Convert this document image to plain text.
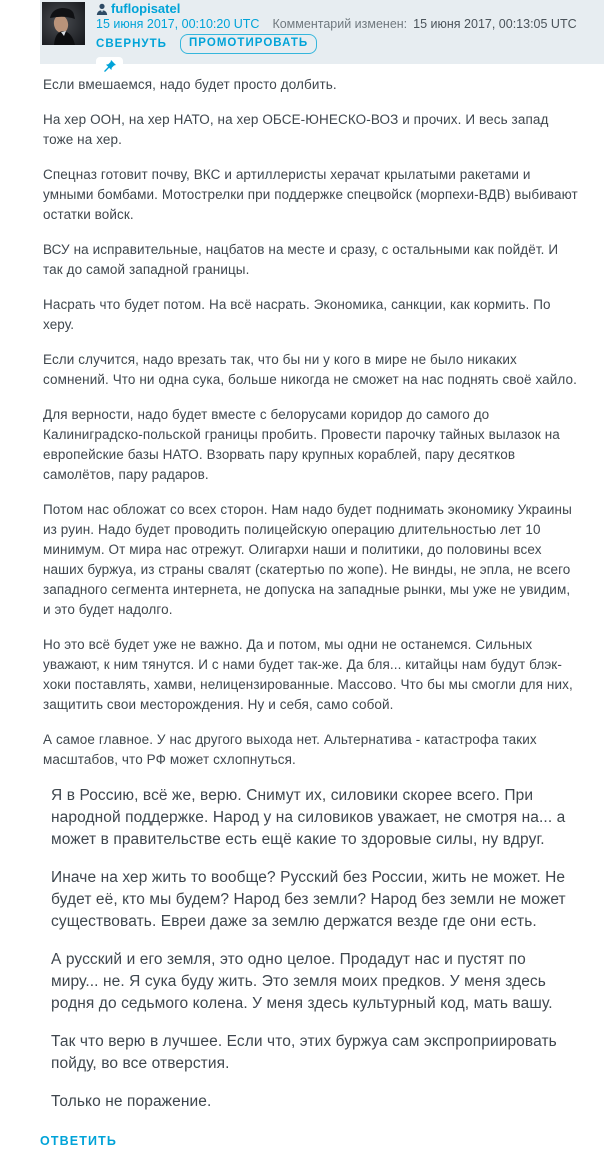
fuflopisatel
15 июня 2017, 00:10:20 UTC Комментарий изменен: 15 июня 2017, 00:13:05 UTC
СВЕРНУТЬ	ПРОМОТИРОВАТЬ

Если вмешаемся, надо будет просто долбить.

На хер ООН, на хер НАТО, на хер ОБСЕ-ЮНЕСКО-ВОЗ и прочих. И весь запад тоже на хер.

Спецназ готовит почву, ВКС и артиллеристы херачат крылатыми ракетами и умными бомбами. Мотострелки при поддержке спецвойск (морпехи-ВДВ) выбивают остатки войск.

ВСУ на исправительные, нацбатов на месте и сразу, с остальными как пойдёт. И так до самой западной границы.

Насрать что будет потом. На всё насрать. Экономика, санкции, как кормить. По херу.

Если случится, надо врезать так, что бы ни у кого в мире не было никаких сомнений. Что ни одна сука, больше никогда не сможет на нас поднять своё хайло.

Для верности, надо будет вместе с белорусами коридор до самого до Калиниградско-польской границы пробить. Провести парочку тайных вылазок на европейские базы НАТО. Взорвать пару крупных кораблей, пару десятков самолётов, пару радаров.

Потом нас обложат со всех сторон. Нам надо будет поднимать экономику Украины из руин. Надо будет проводить полицейскую операцию длительностью лет 10 минимум. От мира нас отрежут. Олигархи наши и политики, до половины всех наших буржуа, из страны свалят (скатертью по жопе). Не винды, не эпла, не всего западного сегмента интернета, не допуска на западные рынки, мы уже не увидим, и это будет надолго.

Но это всё будет уже не важно. Да и потом, мы одни не останемся. Сильных уважают, к ним тянутся. И с нами будет так-же. Да бля... китайцы нам будут блэк-хоки поставлять, хамви, нелицензированные. Массово. Что бы мы смогли для них, защитить свои месторождения. Ну и себя, само собой.

А самое главное. У нас другого выхода нет. Альтернатива - катастрофа таких масштабов, что РФ может схлопнуться.

Я в Россию, всё же, верю. Снимут их, силовики скорее всего. При народной поддержке. Народ у на силовиков уважает, не смотря на... а может в правительстве есть ещё какие то здоровые силы, ну вдруг.

Иначе на хер жить то вообще? Русский без России, жить не может. Не будет её, кто мы будем? Народ без земли? Народ без земли не может существовать. Евреи даже за землю держатся везде где они есть.

А русский и его земля, это одно целое. Продадут нас и пустят по миру... не. Я сука буду жить. Это земля моих предков. У меня здесь родня до седьмого колена. У меня здесь культурный код, мать вашу.

Так что верю в лучшее. Если что, этих буржуа сам экспроприировать пойду, во все отверстия.

Только не поражение.

ОТВЕТИТЬ
